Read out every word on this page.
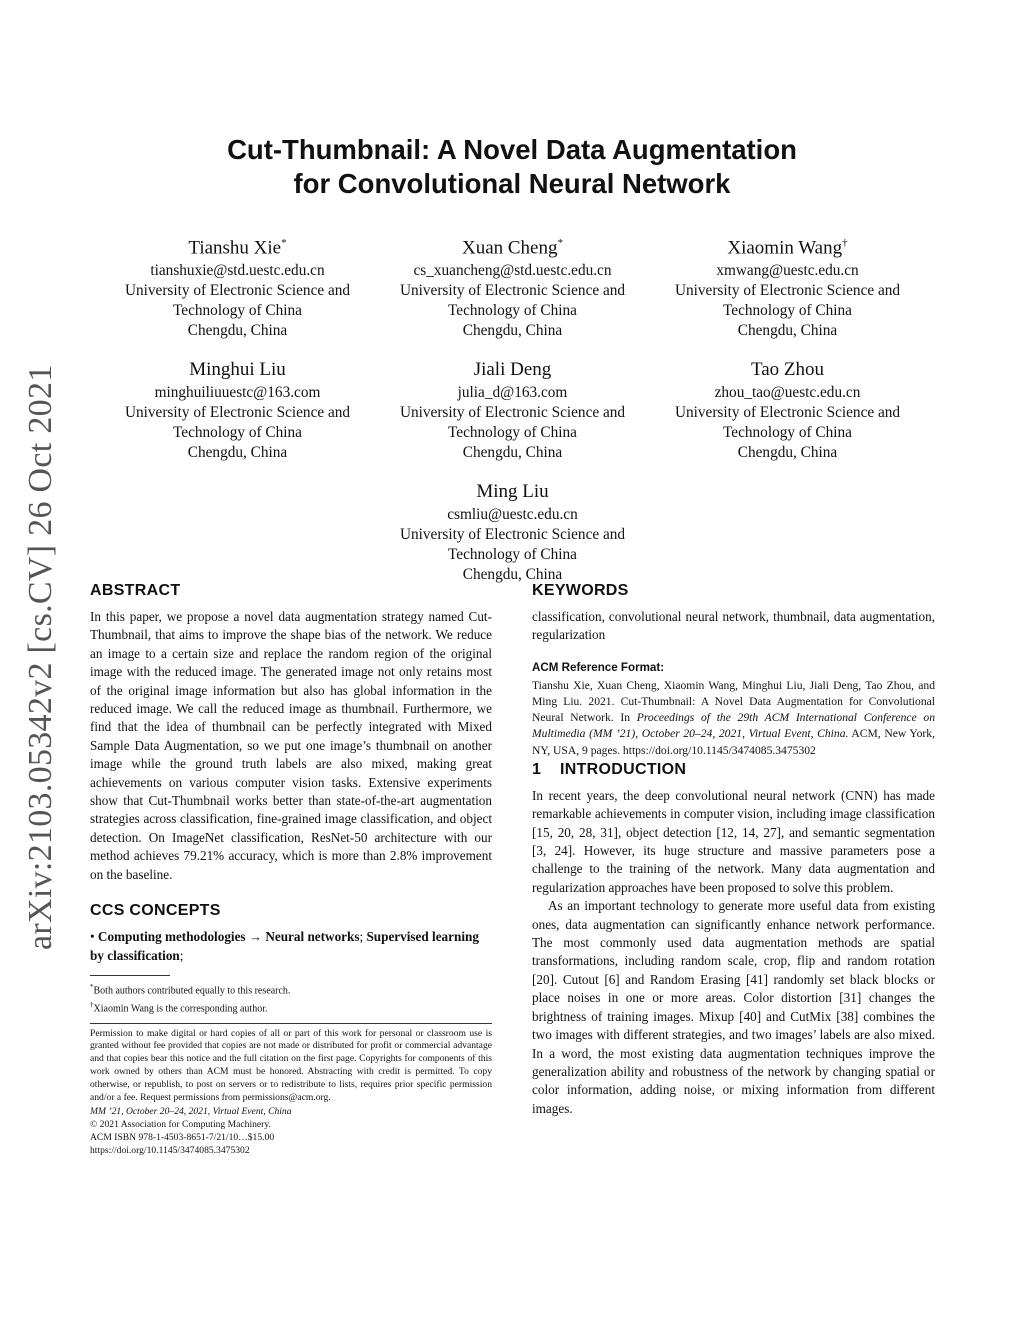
arXiv:2103.05342v2 [cs.CV] 26 Oct 2021
Cut-Thumbnail: A Novel Data Augmentation
for Convolutional Neural Network
Tianshu Xie*
tianshuxie@std.uestc.edu.cn
University of Electronic Science and
Technology of China
Chengdu, China
Xuan Cheng*
cs_xuancheng@std.uestc.edu.cn
University of Electronic Science and
Technology of China
Chengdu, China
Xiaomin Wang†
xmwang@uestc.edu.cn
University of Electronic Science and
Technology of China
Chengdu, China
Minghui Liu
minghuiliuuestc@163.com
University of Electronic Science and
Technology of China
Chengdu, China
Jiali Deng
julia_d@163.com
University of Electronic Science and
Technology of China
Chengdu, China
Tao Zhou
zhou_tao@uestc.edu.cn
University of Electronic Science and
Technology of China
Chengdu, China
Ming Liu
csmliu@uestc.edu.cn
University of Electronic Science and
Technology of China
Chengdu, China
ABSTRACT

In this paper, we propose a novel data augmentation strategy named Cut-Thumbnail, that aims to improve the shape bias of the network. We reduce an image to a certain size and replace the random region of the original image with the reduced image. The generated image not only retains most of the original image information but also has global information in the reduced image. We call the reduced image as thumbnail. Furthermore, we find that the idea of thumbnail can be perfectly integrated with Mixed Sample Data Augmentation, so we put one image’s thumbnail on another image while the ground truth labels are also mixed, making great achievements on various computer vision tasks. Extensive experiments show that Cut-Thumbnail works better than state-of-the-art augmentation strategies across classification, fine-grained image classification, and object detection. On ImageNet classification, ResNet-50 architecture with our method achieves 79.21% accuracy, which is more than 2.8% improvement on the baseline.

CCS CONCEPTS

• Computing methodologies → Neural networks; Supervised learning by classification;

*Both authors contributed equally to this research.
†Xiaomin Wang is the corresponding author.

Permission to make digital or hard copies of all or part of this work for personal or classroom use is granted without fee provided that copies are not made or distributed for profit or commercial advantage and that copies bear this notice and the full citation on the first page. Copyrights for components of this work owned by others than ACM must be honored. Abstracting with credit is permitted. To copy otherwise, or republish, to post on servers or to redistribute to lists, requires prior specific permission and/or a fee. Request permissions from permissions@acm.org.

MM ’21, October 20–24, 2021, Virtual Event, China
© 2021 Association for Computing Machinery.
ACM ISBN 978-1-4503-8651-7/21/10…$15.00
https://doi.org/10.1145/3474085.3475302
KEYWORDS

classification, convolutional neural network, thumbnail, data augmentation, regularization

ACM Reference Format:

Tianshu Xie, Xuan Cheng, Xiaomin Wang, Minghui Liu, Jiali Deng, Tao Zhou, and Ming Liu. 2021. Cut-Thumbnail: A Novel Data Augmentation for Convolutional Neural Network. In Proceedings of the 29th ACM International Conference on Multimedia (MM ’21), October 20–24, 2021, Virtual Event, China. ACM, New York, NY, USA, 9 pages. https://doi.org/10.1145/3474085.3475302

1 INTRODUCTION

In recent years, the deep convolutional neural network (CNN) has made remarkable achievements in computer vision, including image classification [15, 20, 28, 31], object detection [12, 14, 27], and semantic segmentation [3, 24]. However, its huge structure and massive parameters pose a challenge to the training of the network. Many data augmentation and regularization approaches have been proposed to solve this problem.

As an important technology to generate more useful data from existing ones, data augmentation can significantly enhance network performance. The most commonly used data augmentation methods are spatial transformations, including random scale, crop, flip and random rotation [20]. Cutout [6] and Random Erasing [41] randomly set black blocks or place noises in one or more areas. Color distortion [31] changes the brightness of training images. Mixup [40] and CutMix [38] combines the two images with different strategies, and two images’ labels are also mixed. In a word, the most existing data augmentation techniques improve the generalization ability and robustness of the network by changing spatial or color information, adding noise, or mixing information from different images.
